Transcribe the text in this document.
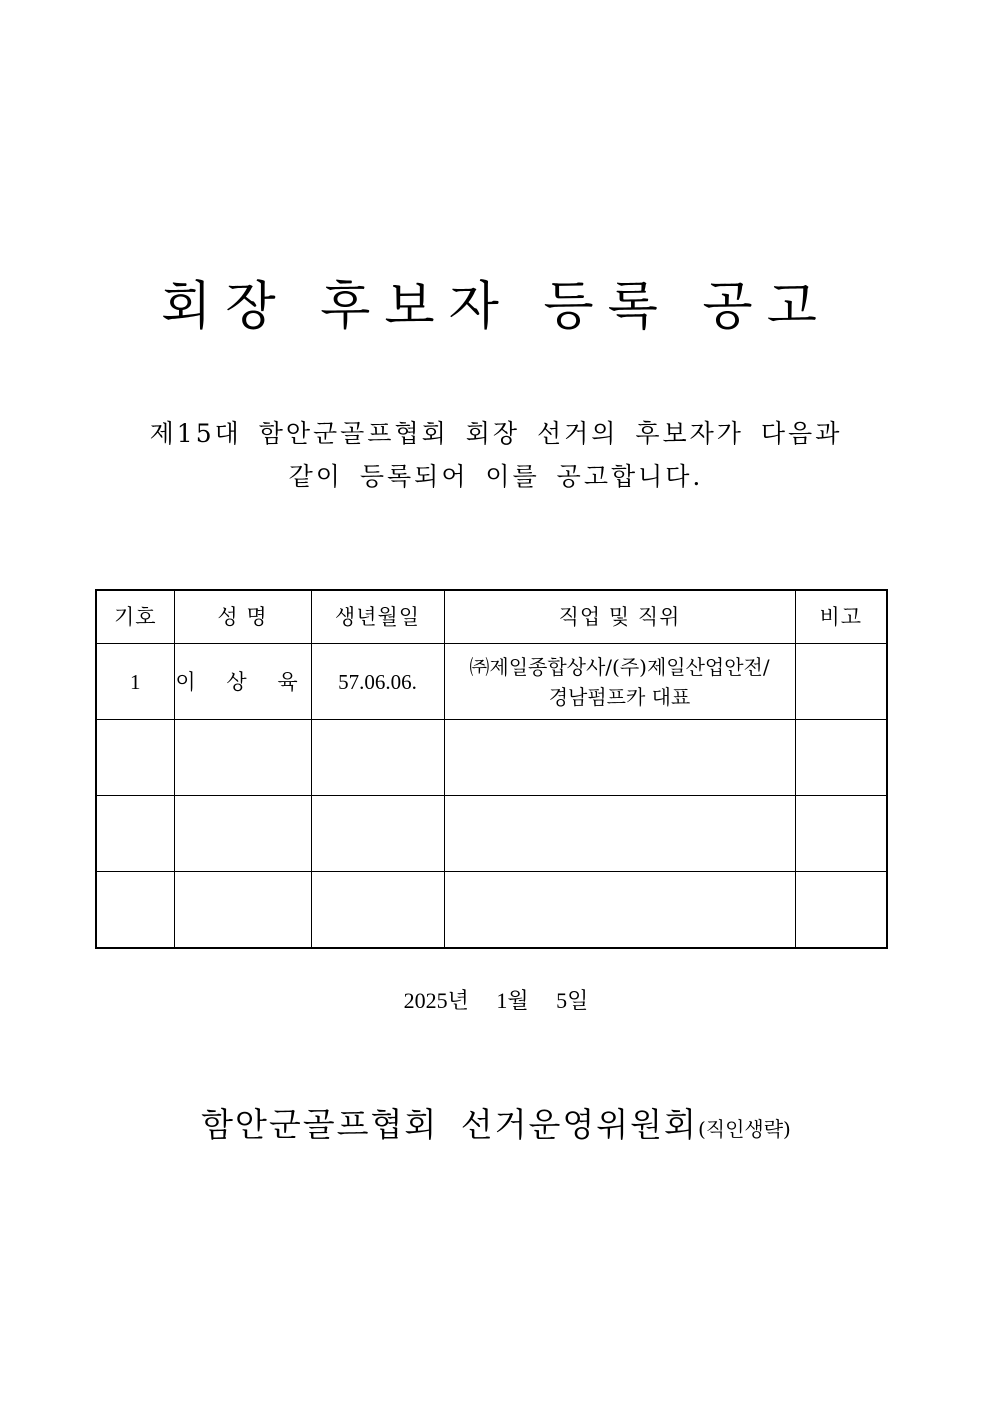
회장 후보자 등록 공고
제15대 함안군골프협회 회장 선거의 후보자가 다음과
같이 등록되어 이를 공고합니다.
기호	성 명	생년월일	직업 및 직위	비고
1	이 상 육	57.06.06.	㈜제일종합상사/(주)제일산업안전/
경남펌프카 대표	

2025년     1월     5일
함안군골프협회 선거운영위원회(직인생략)
